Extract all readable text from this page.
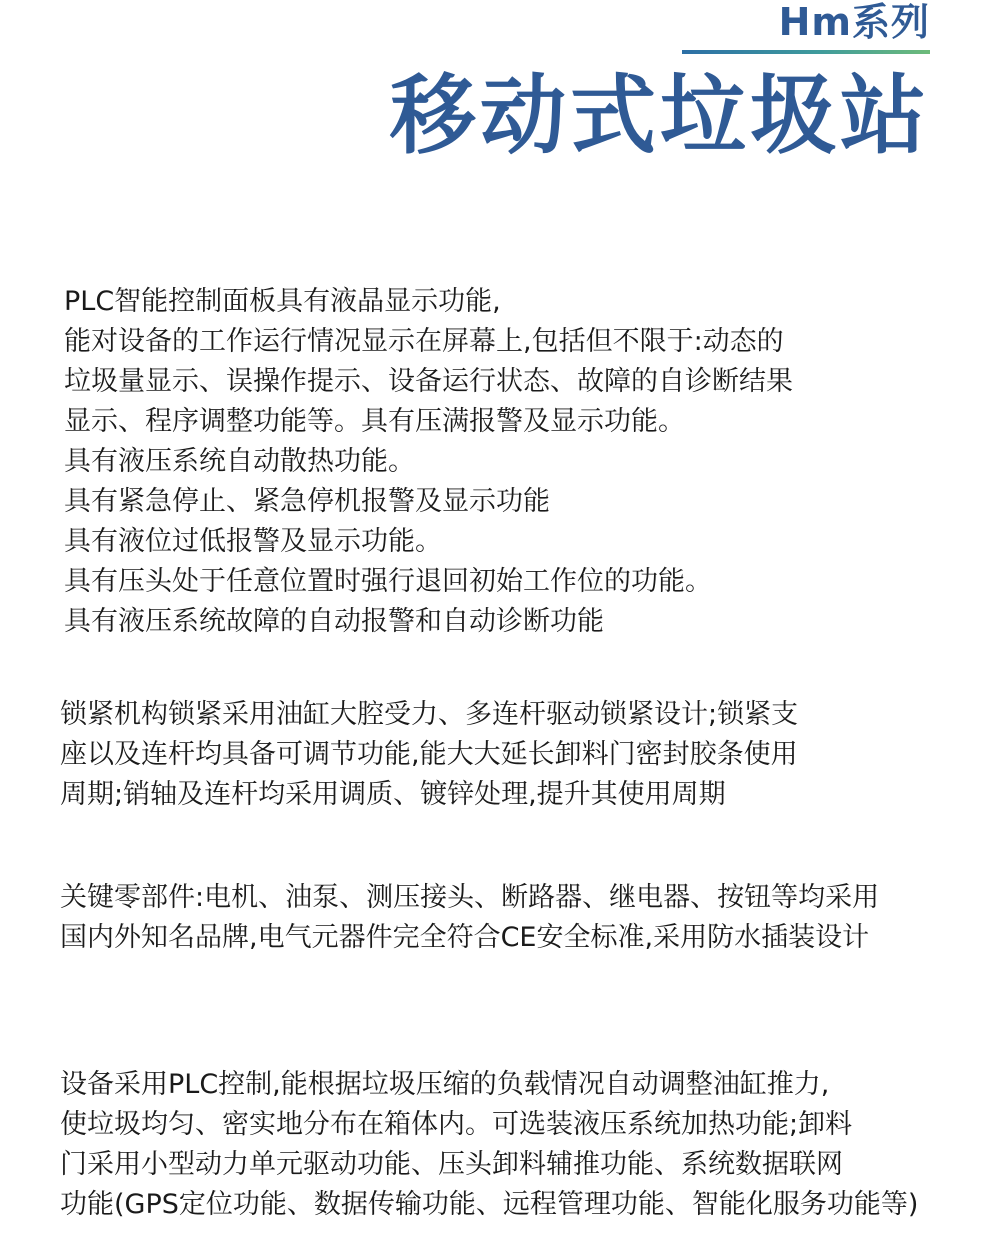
Hm系列
移动式垃圾站
PLC智能控制面板具有液晶显示功能,
能对设备的工作运行情况显示在屏幕上,包括但不限于:动态的
垃圾量显示、误操作提示、设备运行状态、故障的自诊断结果
显示、程序调整功能等。具有压满报警及显示功能。
具有液压系统自动散热功能。
具有紧急停止、紧急停机报警及显示功能
具有液位过低报警及显示功能。
具有压头处于任意位置时强行退回初始工作位的功能。
具有液压系统故障的自动报警和自动诊断功能
锁紧机构锁紧采用油缸大腔受力、多连杆驱动锁紧设计;锁紧支
座以及连杆均具备可调节功能,能大大延长卸料门密封胶条使用
周期;销轴及连杆均采用调质、镀锌处理,提升其使用周期
关键零部件:电机、油泵、测压接头、断路器、继电器、按钮等均采用
国内外知名品牌,电气元器件完全符合CE安全标准,采用防水插装设计
设备采用PLC控制,能根据垃圾压缩的负载情况自动调整油缸推力,
使垃圾均匀、密实地分布在箱体内。可选装液压系统加热功能;卸料
门采用小型动力单元驱动功能、压头卸料辅推功能、系统数据联网
功能(GPS定位功能、数据传输功能、远程管理功能、智能化服务功能等)
